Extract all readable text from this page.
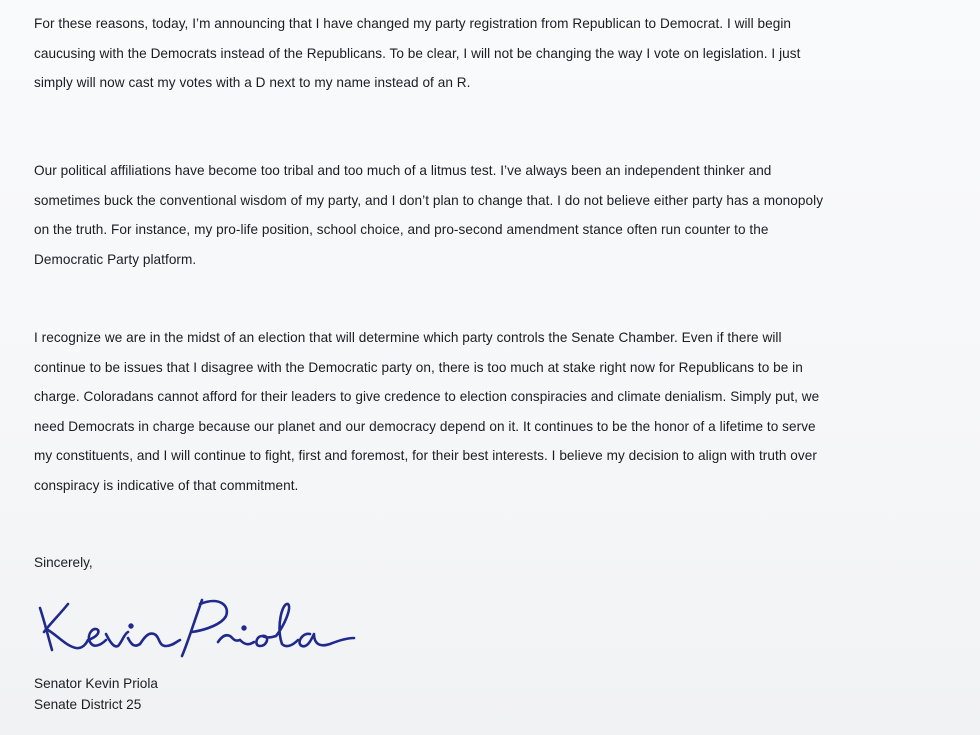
For these reasons, today, I’m announcing that I have changed my party registration from Republican to Democrat. I will begin
caucusing with the Democrats instead of the Republicans. To be clear, I will not be changing the way I vote on legislation. I just
simply will now cast my votes with a D next to my name instead of an R.
Our political affiliations have become too tribal and too much of a litmus test. I’ve always been an independent thinker and
sometimes buck the conventional wisdom of my party, and I don’t plan to change that. I do not believe either party has a monopoly
on the truth. For instance, my pro-life position, school choice, and pro-second amendment stance often run counter to the
Democratic Party platform.
I recognize we are in the midst of an election that will determine which party controls the Senate Chamber. Even if there will
continue to be issues that I disagree with the Democratic party on, there is too much at stake right now for Republicans to be in
charge. Coloradans cannot afford for their leaders to give credence to election conspiracies and climate denialism. Simply put, we
need Democrats in charge because our planet and our democracy depend on it. It continues to be the honor of a lifetime to serve
my constituents, and I will continue to fight, first and foremost, for their best interests. I believe my decision to align with truth over
conspiracy is indicative of that commitment.
Sincerely,
Senator Kevin Priola
Senate District 25
